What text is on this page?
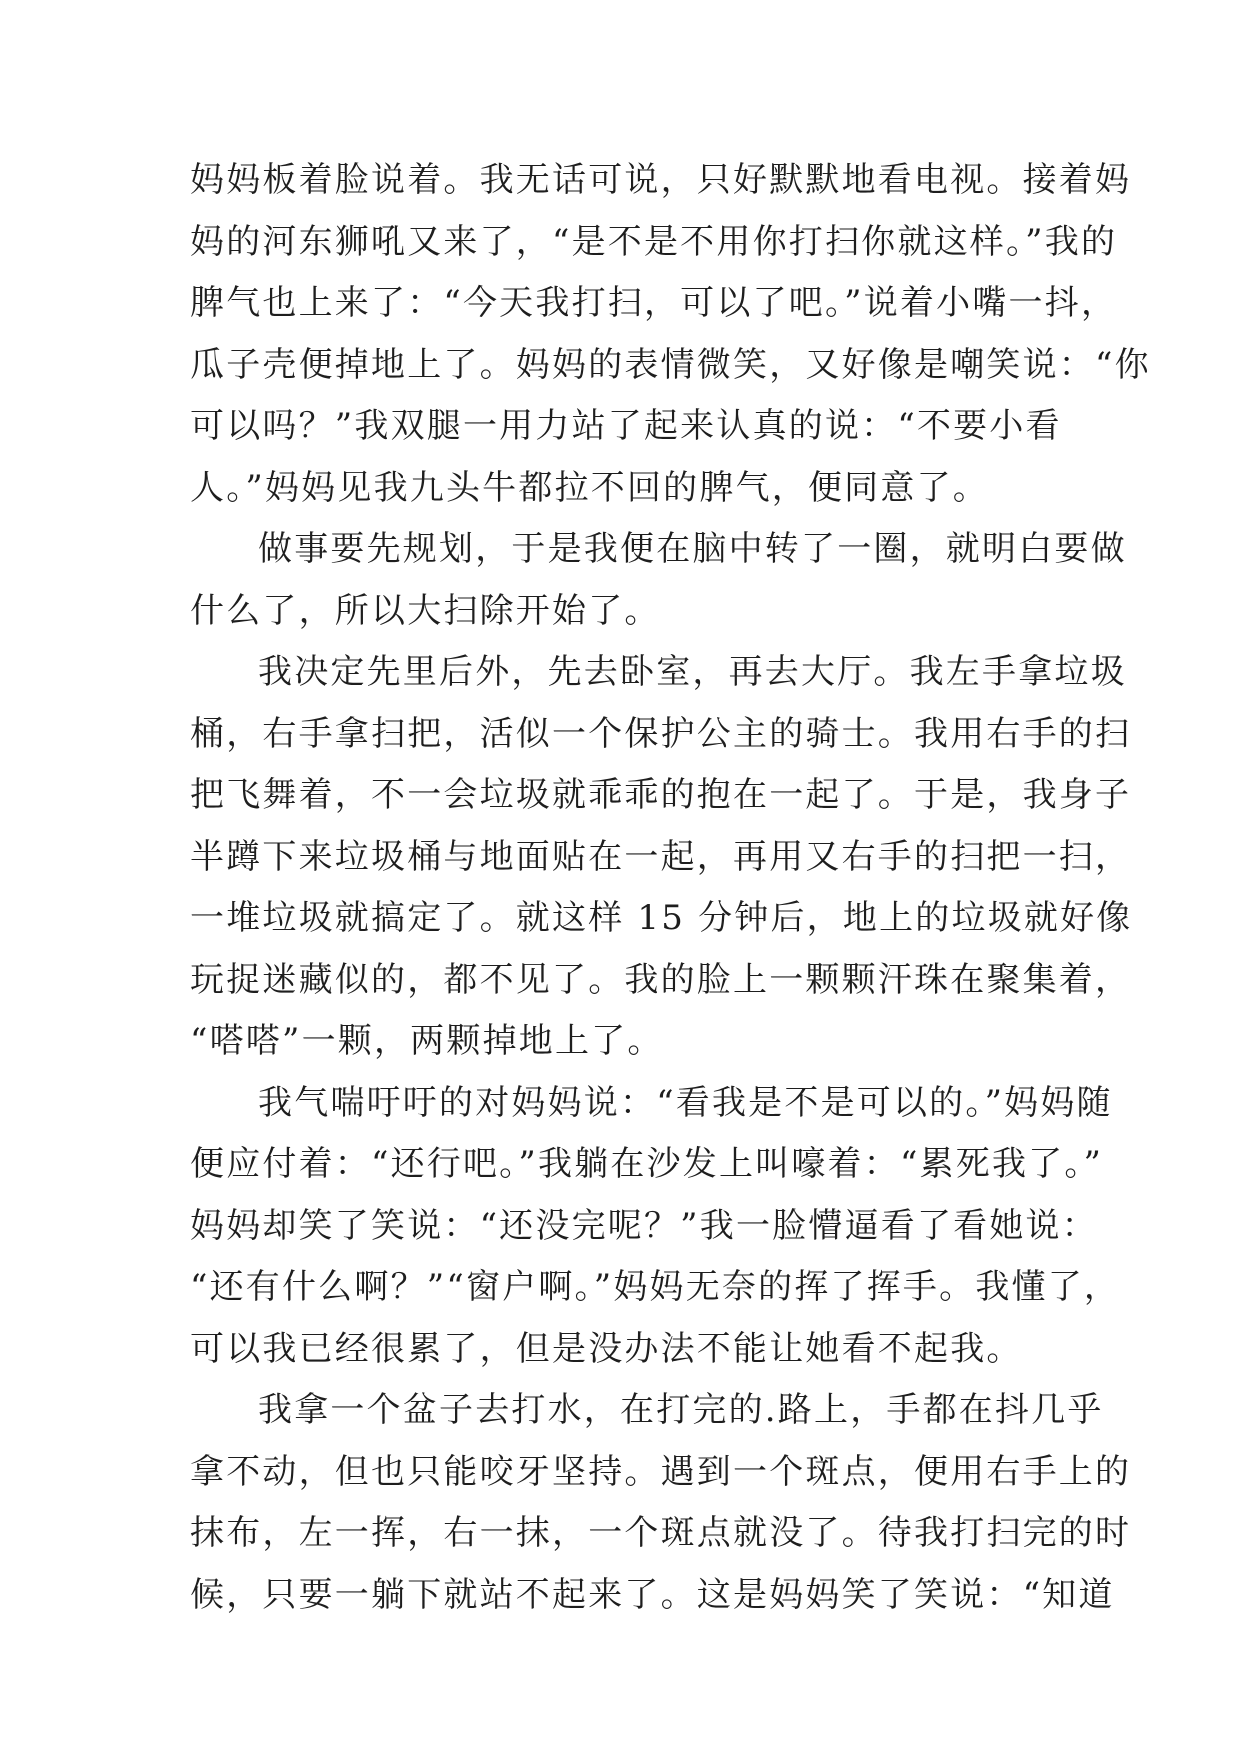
妈妈板着脸说着。我无话可说，只好默默地看电视。接着妈
妈的河东狮吼又来了，“是不是不用你打扫你就这样。”我的
脾气也上来了：“今天我打扫，可以了吧。”说着小嘴一抖，
瓜子壳便掉地上了。妈妈的表情微笑，又好像是嘲笑说：“你
可以吗？”我双腿一用力站了起来认真的说：“不要小看
人。”妈妈见我九头牛都拉不回的脾气，便同意了。
做事要先规划，于是我便在脑中转了一圈，就明白要做
什么了，所以大扫除开始了。
我决定先里后外，先去卧室，再去大厅。我左手拿垃圾
桶，右手拿扫把，活似一个保护公主的骑士。我用右手的扫
把飞舞着，不一会垃圾就乖乖的抱在一起了。于是，我身子
半蹲下来垃圾桶与地面贴在一起，再用又右手的扫把一扫，
一堆垃圾就搞定了。就这样 15 分钟后，地上的垃圾就好像
玩捉迷藏似的，都不见了。我的脸上一颗颗汗珠在聚集着，
“嗒嗒”一颗，两颗掉地上了。
我气喘吁吁的对妈妈说：“看我是不是可以的。”妈妈随
便应付着：“还行吧。”我躺在沙发上叫嚎着：“累死我了。”
妈妈却笑了笑说：“还没完呢？”我一脸懵逼看了看她说：
“还有什么啊？”“窗户啊。”妈妈无奈的挥了挥手。我懂了，
可以我已经很累了，但是没办法不能让她看不起我。
我拿一个盆子去打水，在打完的.路上，手都在抖几乎
拿不动，但也只能咬牙坚持。遇到一个斑点，便用右手上的
抹布，左一挥，右一抹，一个斑点就没了。待我打扫完的时
候，只要一躺下就站不起来了。这是妈妈笑了笑说：“知道
